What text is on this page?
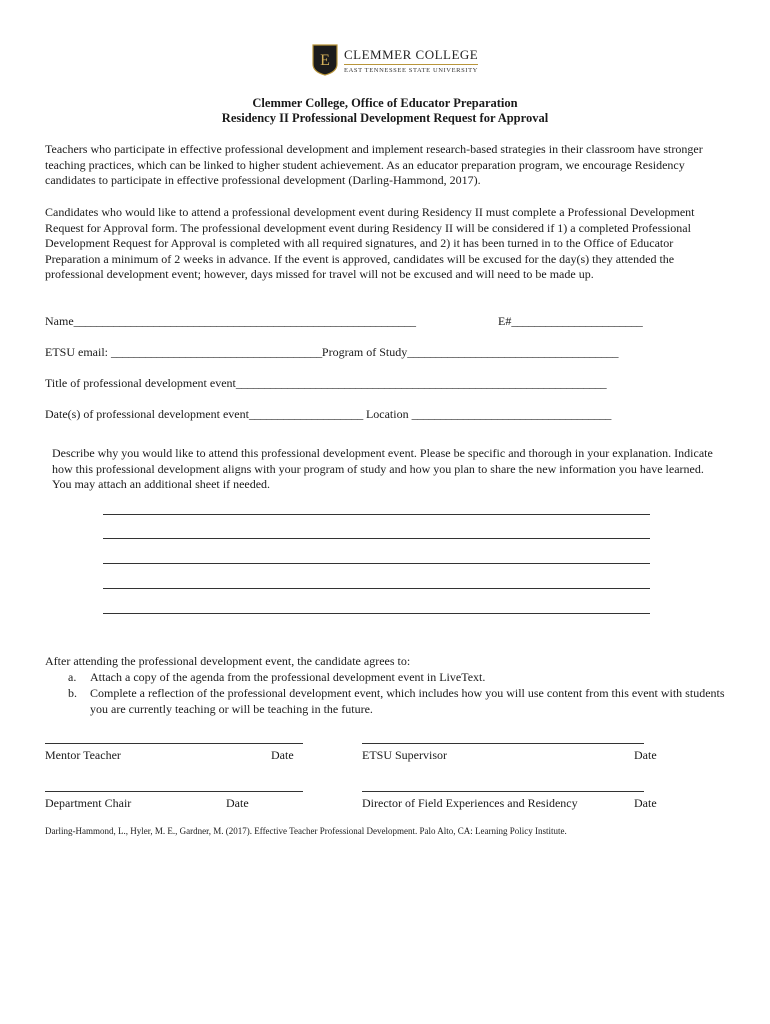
E CLEMMER COLLEGE
EAST TENNESSEE STATE UNIVERSITY
Clemmer College, Office of Educator Preparation
Residency II Professional Development Request for Approval
Teachers who participate in effective professional development and implement research-based strategies in their classroom have stronger teaching practices, which can be linked to higher student achievement. As an educator preparation program, we encourage Residency candidates to participate in effective professional development (Darling-Hammond, 2017).
Candidates who would like to attend a professional development event during Residency II must complete a Professional Development Request for Approval form. The professional development event during Residency II will be considered if 1) a completed Professional Development Request for Approval is completed with all required signatures, and 2) it has been turned in to the Office of Educator Preparation a minimum of 2 weeks in advance. If the event is approved, candidates will be excused for the day(s) they attended the professional development event; however, days missed for travel will not be excused and will need to be made up.
Name____________________________________________________________	E#_______________________
ETSU email: _____________________________________Program of Study_____________________________________
Title of professional development event_________________________________________________________________
Date(s) of professional development event____________________ Location ___________________________________
Describe why you would like to attend this professional development event. Please be specific and thorough in your explanation. Indicate how this professional development aligns with your program of study and how you plan to share the new information you have learned. You may attach an additional sheet if needed.
After attending the professional development event, the candidate agrees to:
a.	Attach a copy of the agenda from the professional development event in LiveText.
b.	Complete a reflection of the professional development event, which includes how you will use content from this event with students you are currently teaching or will be teaching in the future.
Mentor Teacher	Date	ETSU Supervisor	Date
Department Chair	Date	Director of Field Experiences and Residency	Date
Darling-Hammond, L., Hyler, M. E., Gardner, M. (2017). Effective Teacher Professional Development. Palo Alto, CA: Learning Policy Institute.
